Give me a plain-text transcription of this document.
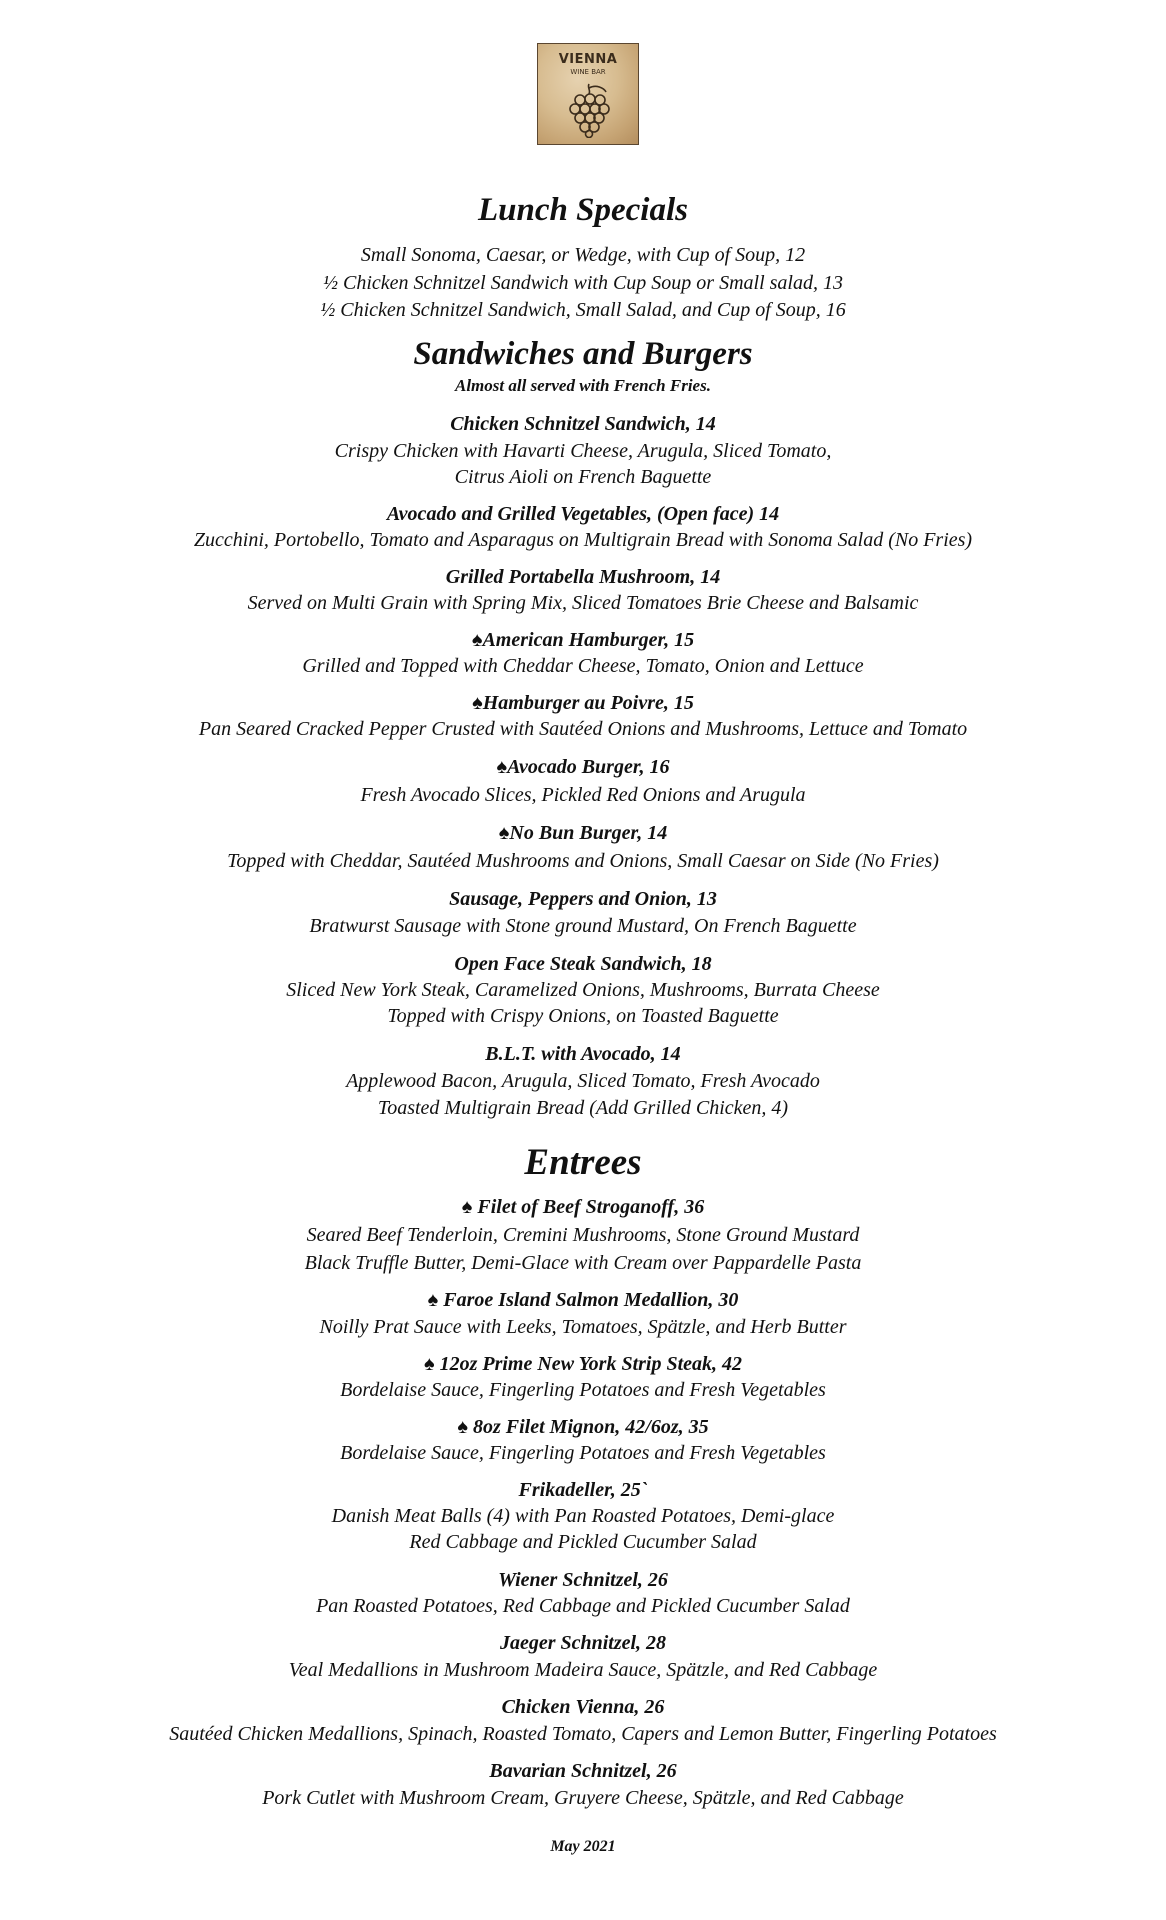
VIENNA
WINE BAR
Lunch Specials
Small Sonoma, Caesar, or Wedge, with Cup of Soup, 12
½ Chicken Schnitzel Sandwich with Cup Soup or Small salad, 13
½ Chicken Schnitzel Sandwich, Small Salad, and Cup of Soup, 16
Sandwiches and Burgers
Almost all served with French Fries.
Chicken Schnitzel Sandwich, 14
Crispy Chicken with Havarti Cheese, Arugula, Sliced Tomato,
Citrus Aioli on French Baguette
Avocado and Grilled Vegetables, (Open face) 14
Zucchini, Portobello, Tomato and Asparagus on Multigrain Bread with Sonoma Salad (No Fries)
Grilled Portabella Mushroom, 14
Served on Multi Grain with Spring Mix, Sliced Tomatoes Brie Cheese and Balsamic
♠American Hamburger, 15
Grilled and Topped with Cheddar Cheese, Tomato, Onion and Lettuce
♠Hamburger au Poivre, 15
Pan Seared Cracked Pepper Crusted with Sautéed Onions and Mushrooms, Lettuce and Tomato
♠Avocado Burger, 16
Fresh Avocado Slices, Pickled Red Onions and Arugula
♠No Bun Burger, 14
Topped with Cheddar, Sautéed Mushrooms and Onions, Small Caesar on Side (No Fries)
Sausage, Peppers and Onion, 13
Bratwurst Sausage with Stone ground Mustard, On French Baguette
Open Face Steak Sandwich, 18
Sliced New York Steak, Caramelized Onions, Mushrooms, Burrata Cheese
Topped with Crispy Onions, on Toasted Baguette
B.L.T. with Avocado, 14
Applewood Bacon, Arugula, Sliced Tomato, Fresh Avocado
Toasted Multigrain Bread (Add Grilled Chicken, 4)
Entrees
♠ Filet of Beef Stroganoff, 36
Seared Beef Tenderloin, Cremini Mushrooms, Stone Ground Mustard
Black Truffle Butter, Demi-Glace with Cream over Pappardelle Pasta
♠ Faroe Island Salmon Medallion, 30
Noilly Prat Sauce with Leeks, Tomatoes, Spätzle, and Herb Butter
♠ 12oz Prime New York Strip Steak, 42
Bordelaise Sauce, Fingerling Potatoes and Fresh Vegetables
♠ 8oz Filet Mignon, 42/6oz, 35
Bordelaise Sauce, Fingerling Potatoes and Fresh Vegetables
Frikadeller, 25`
Danish Meat Balls (4) with Pan Roasted Potatoes, Demi-glace
Red Cabbage and Pickled Cucumber Salad
Wiener Schnitzel, 26
Pan Roasted Potatoes, Red Cabbage and Pickled Cucumber Salad
Jaeger Schnitzel, 28
Veal Medallions in Mushroom Madeira Sauce, Spätzle, and Red Cabbage
Chicken Vienna, 26
Sautéed Chicken Medallions, Spinach, Roasted Tomato, Capers and Lemon Butter, Fingerling Potatoes
Bavarian Schnitzel, 26
Pork Cutlet with Mushroom Cream, Gruyere Cheese, Spätzle, and Red Cabbage
May 2021
